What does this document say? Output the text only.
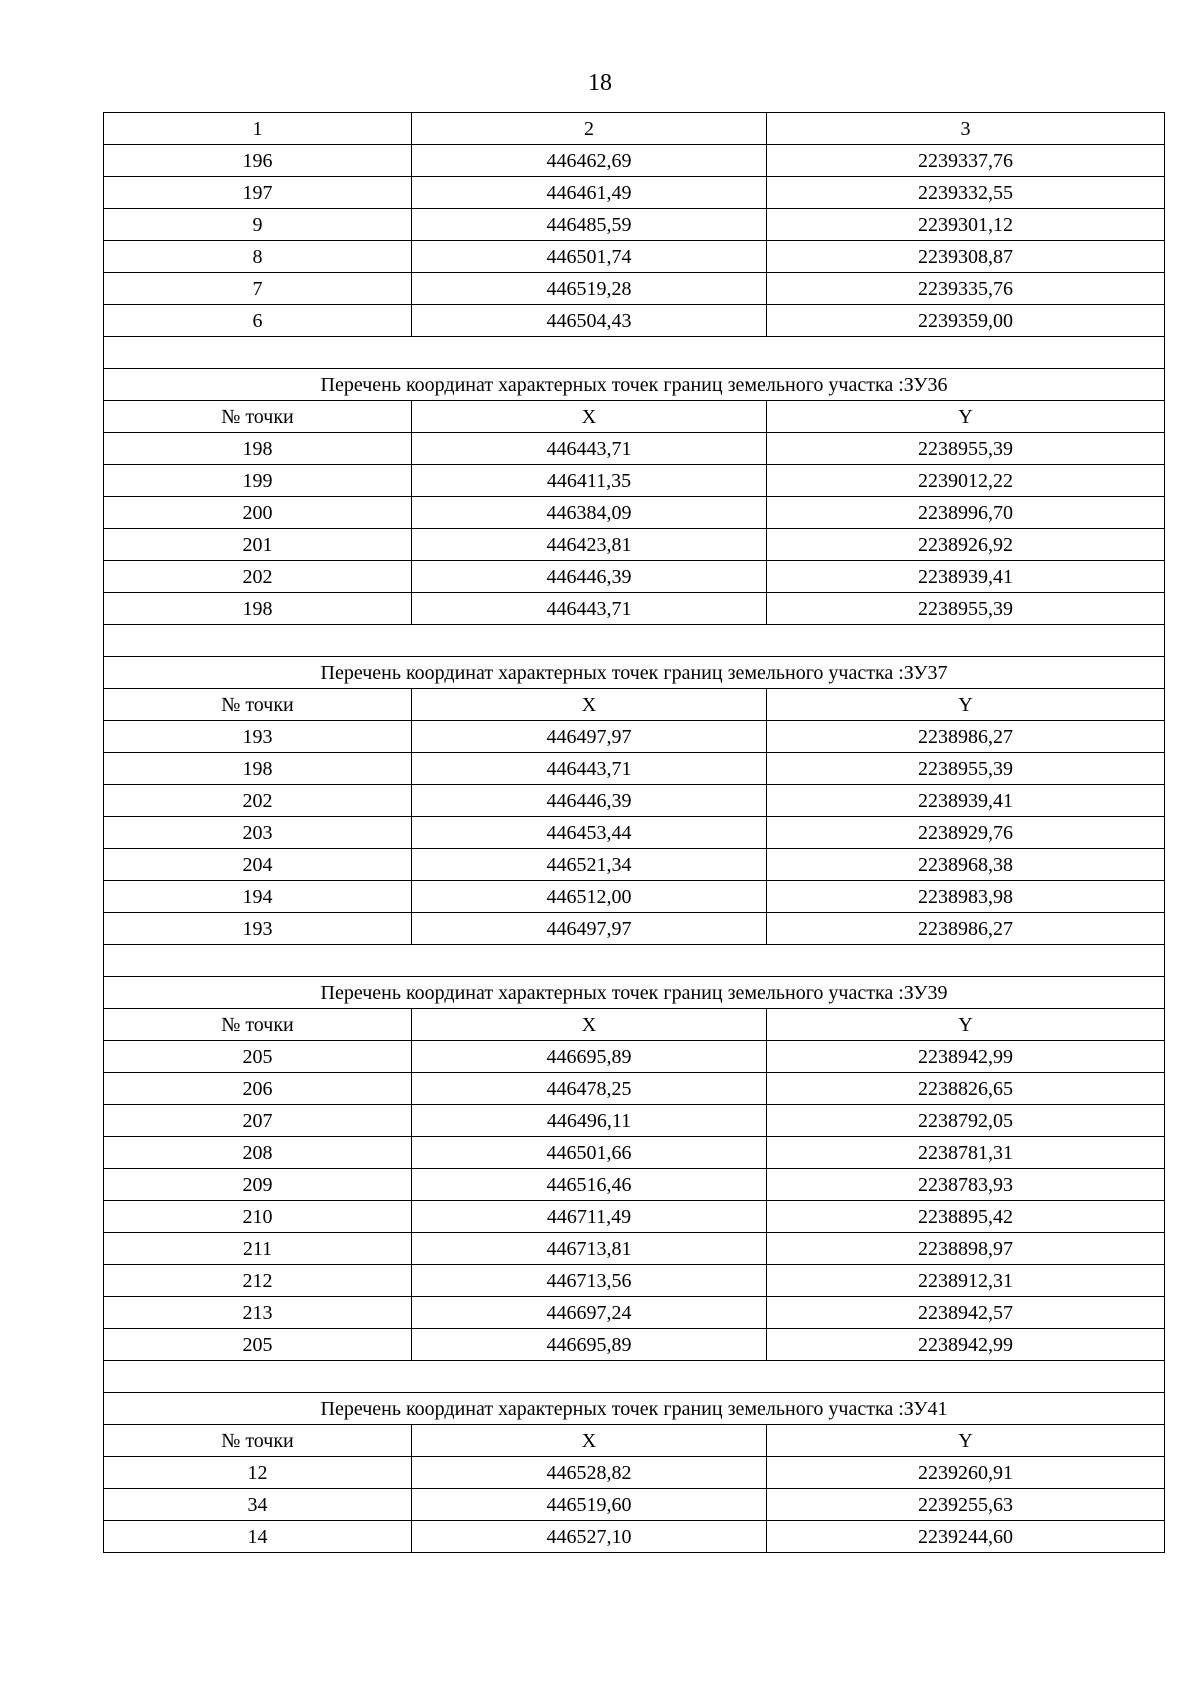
18
1	2	3
196	446462,69	2239337,76
197	446461,49	2239332,55
9	446485,59	2239301,12
8	446501,74	2239308,87
7	446519,28	2239335,76
6	446504,43	2239359,00

Перечень координат характерных точек границ земельного участка :ЗУ36		
№ точки	X	Y
198	446443,71	2238955,39
199	446411,35	2239012,22
200	446384,09	2238996,70
201	446423,81	2238926,92
202	446446,39	2238939,41
198	446443,71	2238955,39

Перечень координат характерных точек границ земельного участка :ЗУ37		
№ точки	X	Y
193	446497,97	2238986,27
198	446443,71	2238955,39
202	446446,39	2238939,41
203	446453,44	2238929,76
204	446521,34	2238968,38
194	446512,00	2238983,98
193	446497,97	2238986,27

Перечень координат характерных точек границ земельного участка :ЗУ39		
№ точки	X	Y
205	446695,89	2238942,99
206	446478,25	2238826,65
207	446496,11	2238792,05
208	446501,66	2238781,31
209	446516,46	2238783,93
210	446711,49	2238895,42
211	446713,81	2238898,97
212	446713,56	2238912,31
213	446697,24	2238942,57
205	446695,89	2238942,99

Перечень координат характерных точек границ земельного участка :ЗУ41		
№ точки	X	Y
12	446528,82	2239260,91
34	446519,60	2239255,63
14	446527,10	2239244,60
